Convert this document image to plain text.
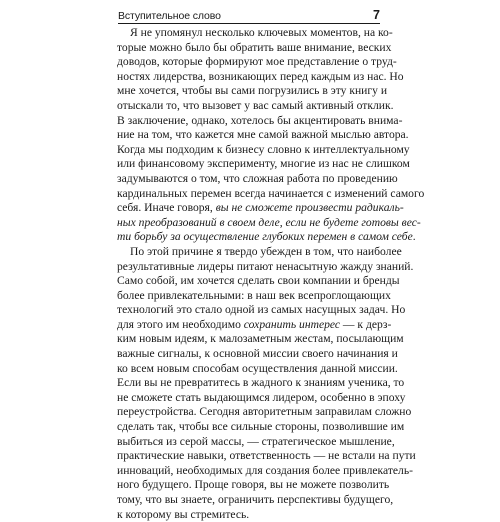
Вступительное слово	7
Я не упомянул несколько ключевых моментов, на ко-
торые можно было бы обратить ваше внимание, веских
доводов, которые формируют мое представление о труд-
ностях лидерства, возникающих перед каждым из нас. Но
мне хочется, чтобы вы сами погрузились в эту книгу и
отыскали то, что вызовет у вас самый активный отклик.
В заключение, однако, хотелось бы акцентировать внима-
ние на том, что кажется мне самой важной мыслью автора.
Когда мы подходим к бизнесу словно к интеллектуальному
или финансовому эксперименту, многие из нас не слишком
задумываются о том, что сложная работа по проведению
кардинальных перемен всегда начинается с изменений самого
себя. Иначе говоря, вы не сможете произвести радикаль-
ных преобразований в своем деле, если не будете готовы вес-
ти борьбу за осуществление глубоких перемен в самом себе.
По этой причине я твердо убежден в том, что наиболее
результативные лидеры питают ненасытную жажду знаний.
Само собой, им хочется сделать свои компании и бренды
более привлекательными: в наш век всепроглощающих
технологий это стало одной из самых насущных задач. Но
для этого им необходимо сохранить интерес — к дерз-
ким новым идеям, к малозаметным жестам, посылающим
важные сигналы, к основной миссии своего начинания и
ко всем новым способам осуществления данной миссии.
Если вы не превратитесь в жадного к знаниям ученика, то
не сможете стать выдающимся лидером, особенно в эпоху
переустройства. Сегодня авторитетным заправилам сложно
сделать так, чтобы все сильные стороны, позволившие им
выбиться из серой массы, — стратегическое мышление,
практические навыки, ответственность — не встали на пути
инноваций, необходимых для создания более привлекатель-
ного будущего. Проще говоря, вы не можете позволить
тому, что вы знаете, ограничить перспективы будущего,
к которому вы стремитесь.
